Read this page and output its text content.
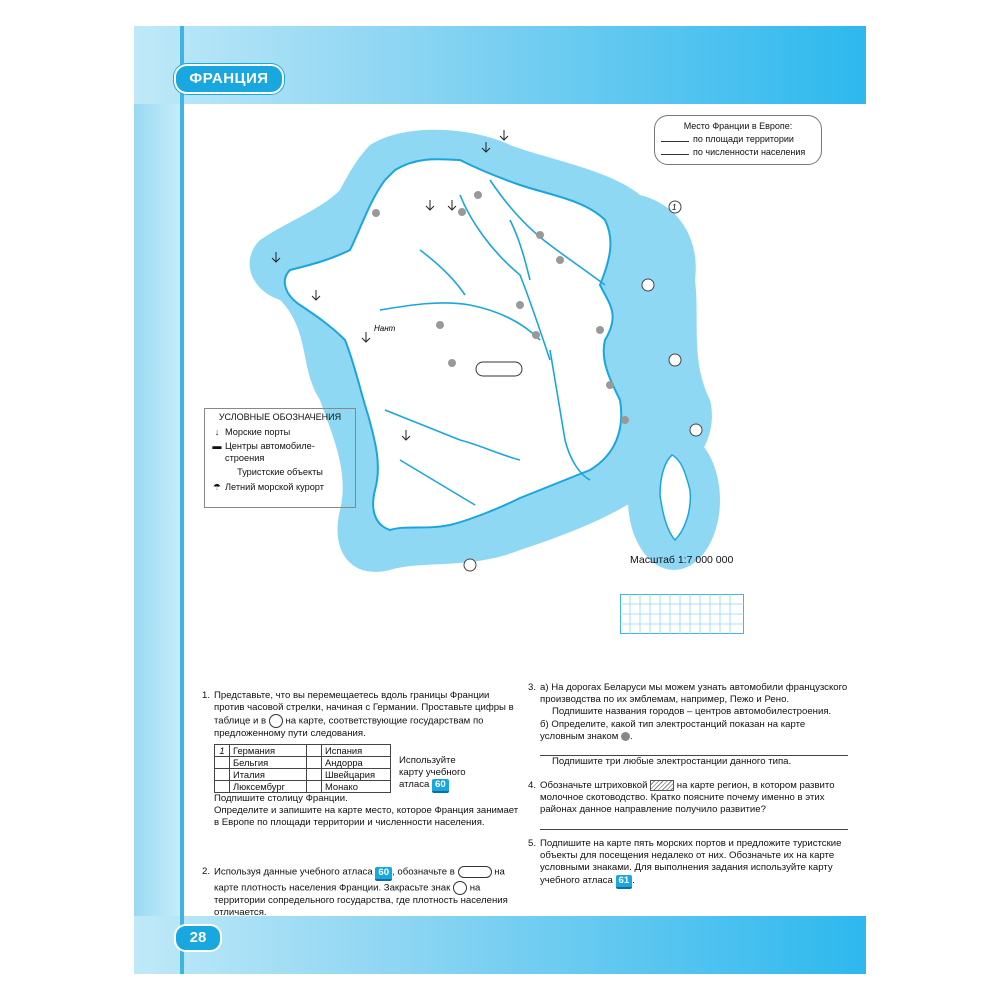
ФРАНЦИЯ
1
Нант
Место Франции в Европе:
по площади территории
по численности населения
УСЛОВНЫЕ ОБОЗНАЧЕНИЯ
↓ Морские порты
▬ Центры автомобиле-строения
Туристские объекты
☂ Летний морской курорт
Масштаб 1:7 000 000
1. Представьте, что вы перемещаетесь вдоль границы Франции против часовой стрелки, начиная с Германии. Проставьте цифры в таблице и в на карте, соответствующие государствам по предложенному пути следования.
1	Германия		Испания
	Бельгия		Андорра
	Италия		Швейцария
	Люксембург		Монако
Используйте карту учебного атласа 60
Подпишите столицу Франции.
Определите и запишите на карте место, которое Франция занимает в Европе по площади территории и численности населения.
2. Используя данные учебного атласа 60 , обозначьте в	на карте плотность населения Франции. Закрасьте знак на территории сопредельного государства, где плотность населения отличается.
3. а) На дорогах Беларуси мы можем узнать автомобили французского производства по их эмблемам, например, Пежо и Рено.
Подпишите названия городов – центров автомобилестроения.
б) Определите, какой тип электростанций показан на карте условным знаком .
Подпишите три любые электростанции данного типа.
4. Обозначьте штриховкой	на карте регион, в котором развито молочное скотоводство. Кратко поясните почему именно в этих районах данное направление получило развитие?
5. Подпишите на карте пять морских портов и предложите туристские объекты для посещения недалеко от них. Обозначьте их на карте условными знаками. Для выполнения задания используйте карту учебного атласа 61 .
28
